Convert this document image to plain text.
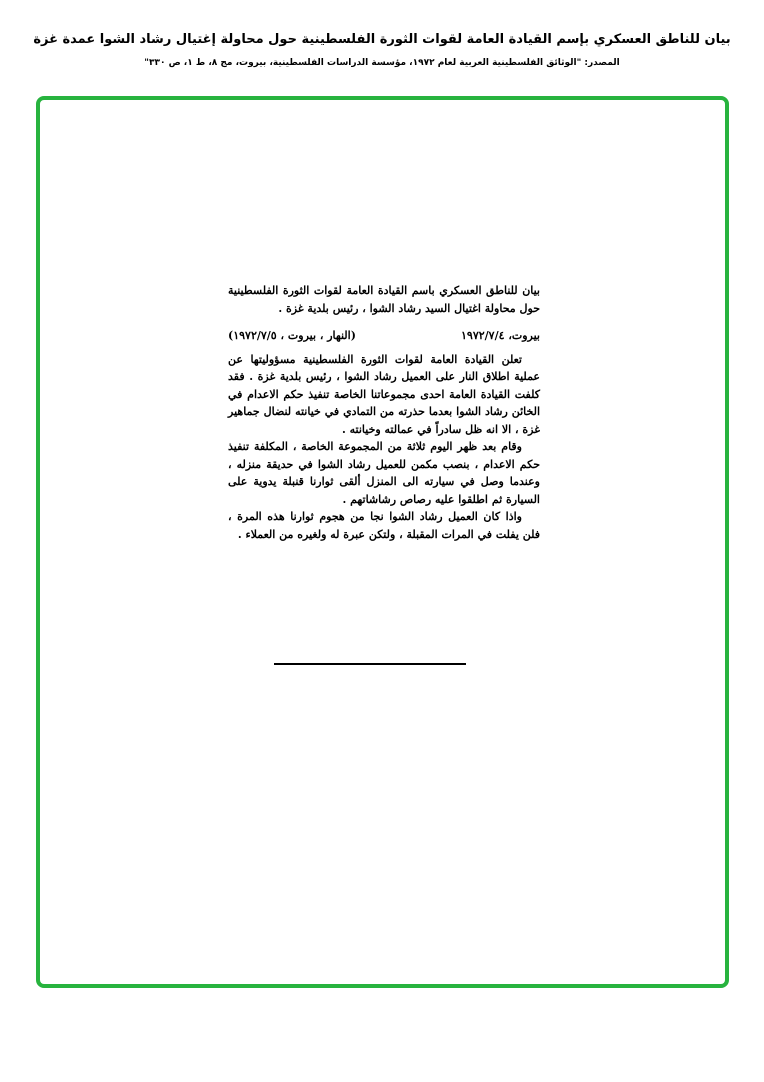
بيان للناطق العسكري بإسم القيادة العامة لقوات الثورة الفلسطينية حول محاولة إغتيال رشاد الشوا عمدة غزة
المصدر: "الوثائق الفلسطينية العربية لعام ١٩٧٢، مؤسسة الدراسات الفلسطينية، بيروت، مج ٨، ط ١، ص ٣٣٠"

بيان للناطق العسكري باسم القيادة العامة لقوات الثورة الفلسطينية حول محاولة اغتيال السيد رشاد الشوا ، رئيس بلدية غزة .

بيروت، ١٩٧٢/٧/٤
(النهار ، بيروت ، ١٩٧٢/٧/٥)

تعلن القيادة العامة لقوات الثورة الفلسطينية مسؤوليتها عن عملية اطلاق النار على العميل رشاد الشوا ، رئيس بلدية غزة . فقد كلفت القيادة العامة احدى مجموعاتنا الخاصة تنفيذ حكم الاعدام في الخائن رشاد الشوا بعدما حذرته من التمادي في خيانته لنضال جماهير غزة ، الا انه ظل سادراً في عمالته وخيانته .

وقام بعد ظهر اليوم ثلاثة من المجموعة الخاصة ، المكلفة تنفيذ حكم الاعدام ، بنصب مكمن للعميل رشاد الشوا في حديقة منزله ، وعندما وصل في سيارته الى المنزل ألقى ثوارنا قنبلة يدوية على السيارة ثم اطلقوا عليه رصاص رشاشاتهم .

واذا كان العميل رشاد الشوا نجا من هجوم ثوارنا هذه المرة ، فلن يفلت في المرات المقبلة ، ولتكن عبرة له ولغيره من العملاء .
